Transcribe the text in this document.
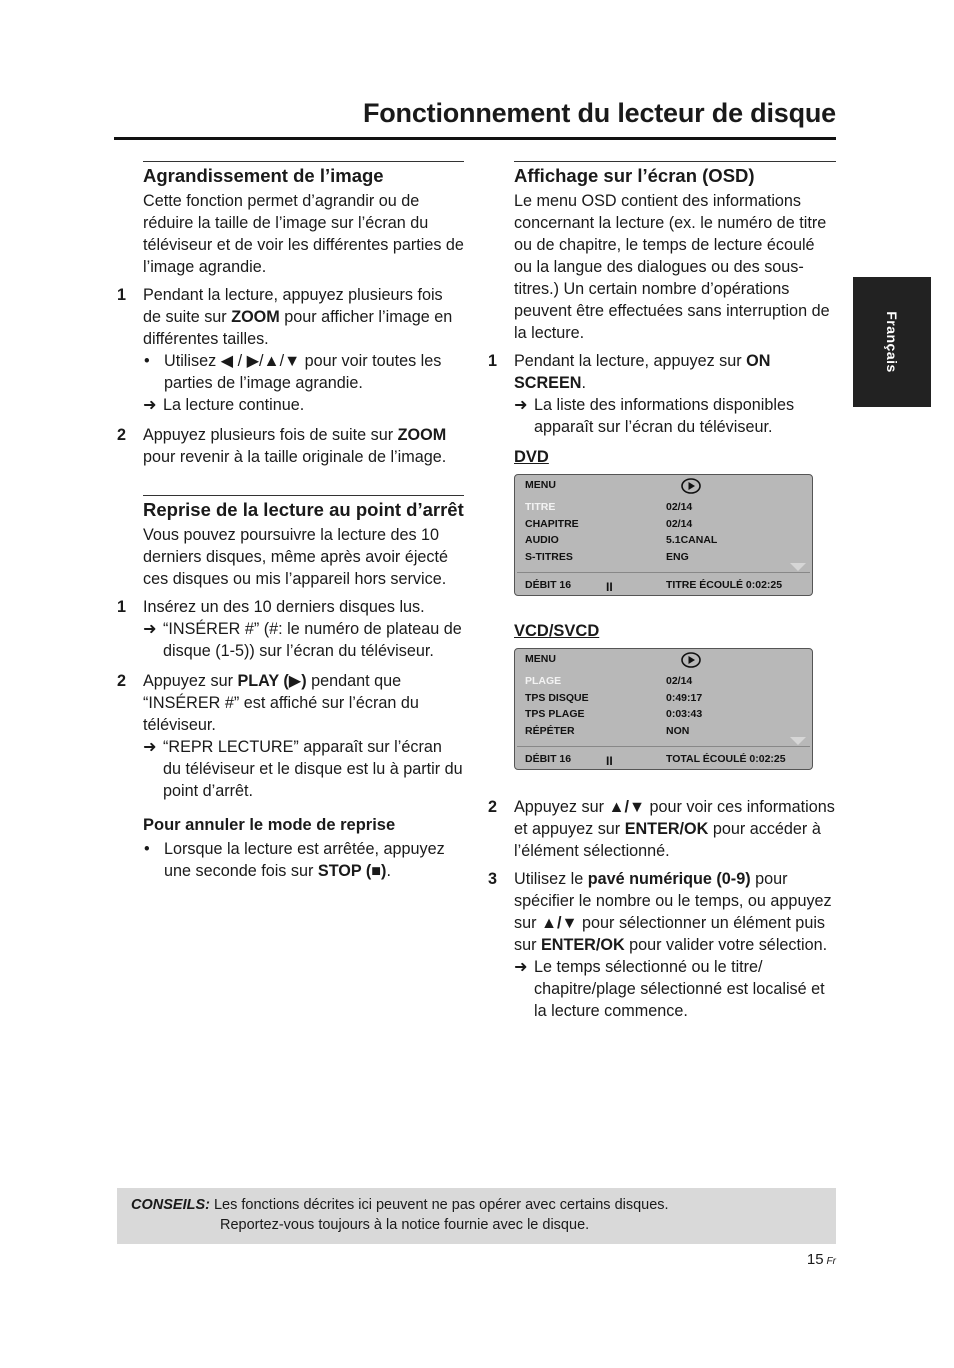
Fonctionnement du lecteur de disque
Français
Agrandissement de l’image

Cette fonction permet d’agrandir ou de réduire la taille de l’image sur l’écran du téléviseur et de voir les différentes parties de l’image agrandie.

1 Pendant la lecture, appuyez plusieurs fois de suite sur ZOOM pour afficher l’image en différentes tailles.
• Utilisez ◀ / ▶/▲/▼ pour voir toutes les parties de l’image agrandie.
➜ La lecture continue.
2 Appuyez plusieurs fois de suite sur ZOOM pour revenir à la taille originale de l’image.
Reprise de la lecture au point d’arrêt

Vous pouvez poursuivre la lecture des 10 derniers disques, même après avoir éjecté ces disques ou mis l’appareil hors service.

1 Insérez un des 10 derniers disques lus.
➜ “INSÉRER #” (#: le numéro de plateau de disque (1-5)) sur l’écran du téléviseur.
2 Appuyez sur PLAY (▶) pendant que “INSÉRER #” est affiché sur l’écran du téléviseur.
➜ “REPR LECTURE” apparaît sur l’écran du téléviseur et le disque est lu à partir du point d’arrêt.
Pour annuler le mode de reprise
• Lorsque la lecture est arrêtée, appuyez une seconde fois sur STOP (■).
Affichage sur l’écran (OSD)

Le menu OSD contient des informations concernant la lecture (ex. le numéro de titre ou de chapitre, le temps de lecture écoulé ou la langue des dialogues ou des sous-titres.) Un certain nombre d’opérations peuvent être effectuées sans interruption de la lecture.

1 Pendant la lecture, appuyez sur ON SCREEN.
➜ La liste des informations disponibles apparaît sur l’écran du téléviseur.
DVD
MENU
TITRE	02/14
CHAPITRE	02/14
AUDIO	5.1CANAL
S-TITRES	ENG
DÉBIT 16	II	TITRE ÉCOULÉ 0:02:25
VCD/SVCD
MENU
PLAGE	02/14
TPS DISQUE	0:49:17
TPS PLAGE	0:03:43
RÉPÉTER	NON
DÉBIT 16	II	TOTAL ÉCOULÉ 0:02:25
2 Appuyez sur ▲/▼ pour voir ces informations et appuyez sur ENTER/OK pour accéder à l’élément sélectionné.
3 Utilisez le pavé numérique (0-9) pour spécifier le nombre ou le temps, ou appuyez sur ▲/▼ pour sélectionner un élément puis sur ENTER/OK pour valider votre sélection.
➜ Le temps sélectionné ou le titre/ chapitre/plage sélectionné est localisé et la lecture commence.
CONSEILS: Les fonctions décrites ici peuvent ne pas opérer avec certains disques.
Reportez-vous toujours à la notice fournie avec le disque.
15 Fr
